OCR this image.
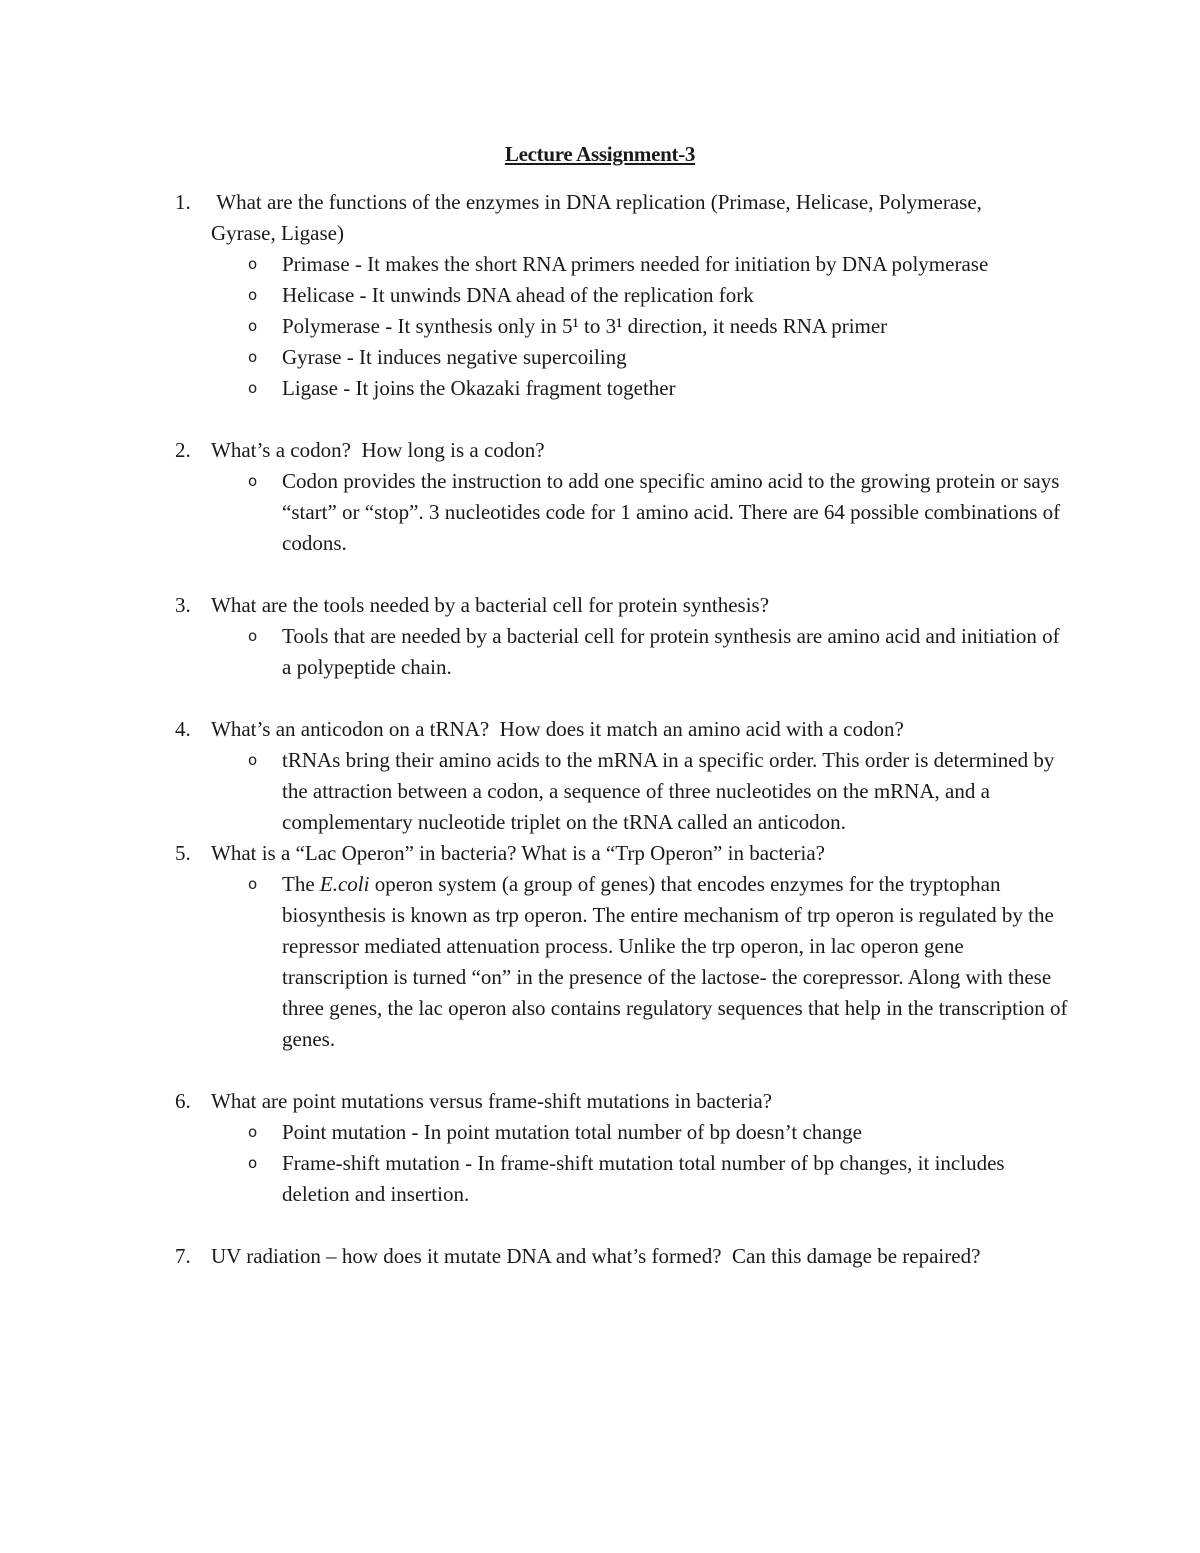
Lecture Assignment-3
1. What are the functions of the enzymes in DNA replication (Primase, Helicase, Polymerase, Gyrase, Ligase)
o Primase - It makes the short RNA primers needed for initiation by DNA polymerase
o Helicase - It unwinds DNA ahead of the replication fork
o Polymerase - It synthesis only in 5¹ to 3¹ direction, it needs RNA primer
o Gyrase - It induces negative supercoiling
o Ligase - It joins the Okazaki fragment together
2. What’s a codon?  How long is a codon?
o Codon provides the instruction to add one specific amino acid to the growing protein or says “start” or “stop”. 3 nucleotides code for 1 amino acid. There are 64 possible combinations of codons.
3. What are the tools needed by a bacterial cell for protein synthesis?
o Tools that are needed by a bacterial cell for protein synthesis are amino acid and initiation of a polypeptide chain.
4. What’s an anticodon on a tRNA?  How does it match an amino acid with a codon?
o tRNAs bring their amino acids to the mRNA in a specific order. This order is determined by the attraction between a codon, a sequence of three nucleotides on the mRNA, and a complementary nucleotide triplet on the tRNA called an anticodon.
5. What is a “Lac Operon” in bacteria? What is a “Trp Operon” in bacteria?
o The E.coli operon system (a group of genes) that encodes enzymes for the tryptophan biosynthesis is known as trp operon. The entire mechanism of trp operon is regulated by the repressor mediated attenuation process. Unlike the trp operon, in lac operon gene transcription is turned “on” in the presence of the lactose- the corepressor. Along with these three genes, the lac operon also contains regulatory sequences that help in the transcription of genes.
6. What are point mutations versus frame-shift mutations in bacteria?
o Point mutation - In point mutation total number of bp doesn’t change
o Frame-shift mutation - In frame-shift mutation total number of bp changes, it includes deletion and insertion.
7. UV radiation – how does it mutate DNA and what’s formed?  Can this damage be repaired?
